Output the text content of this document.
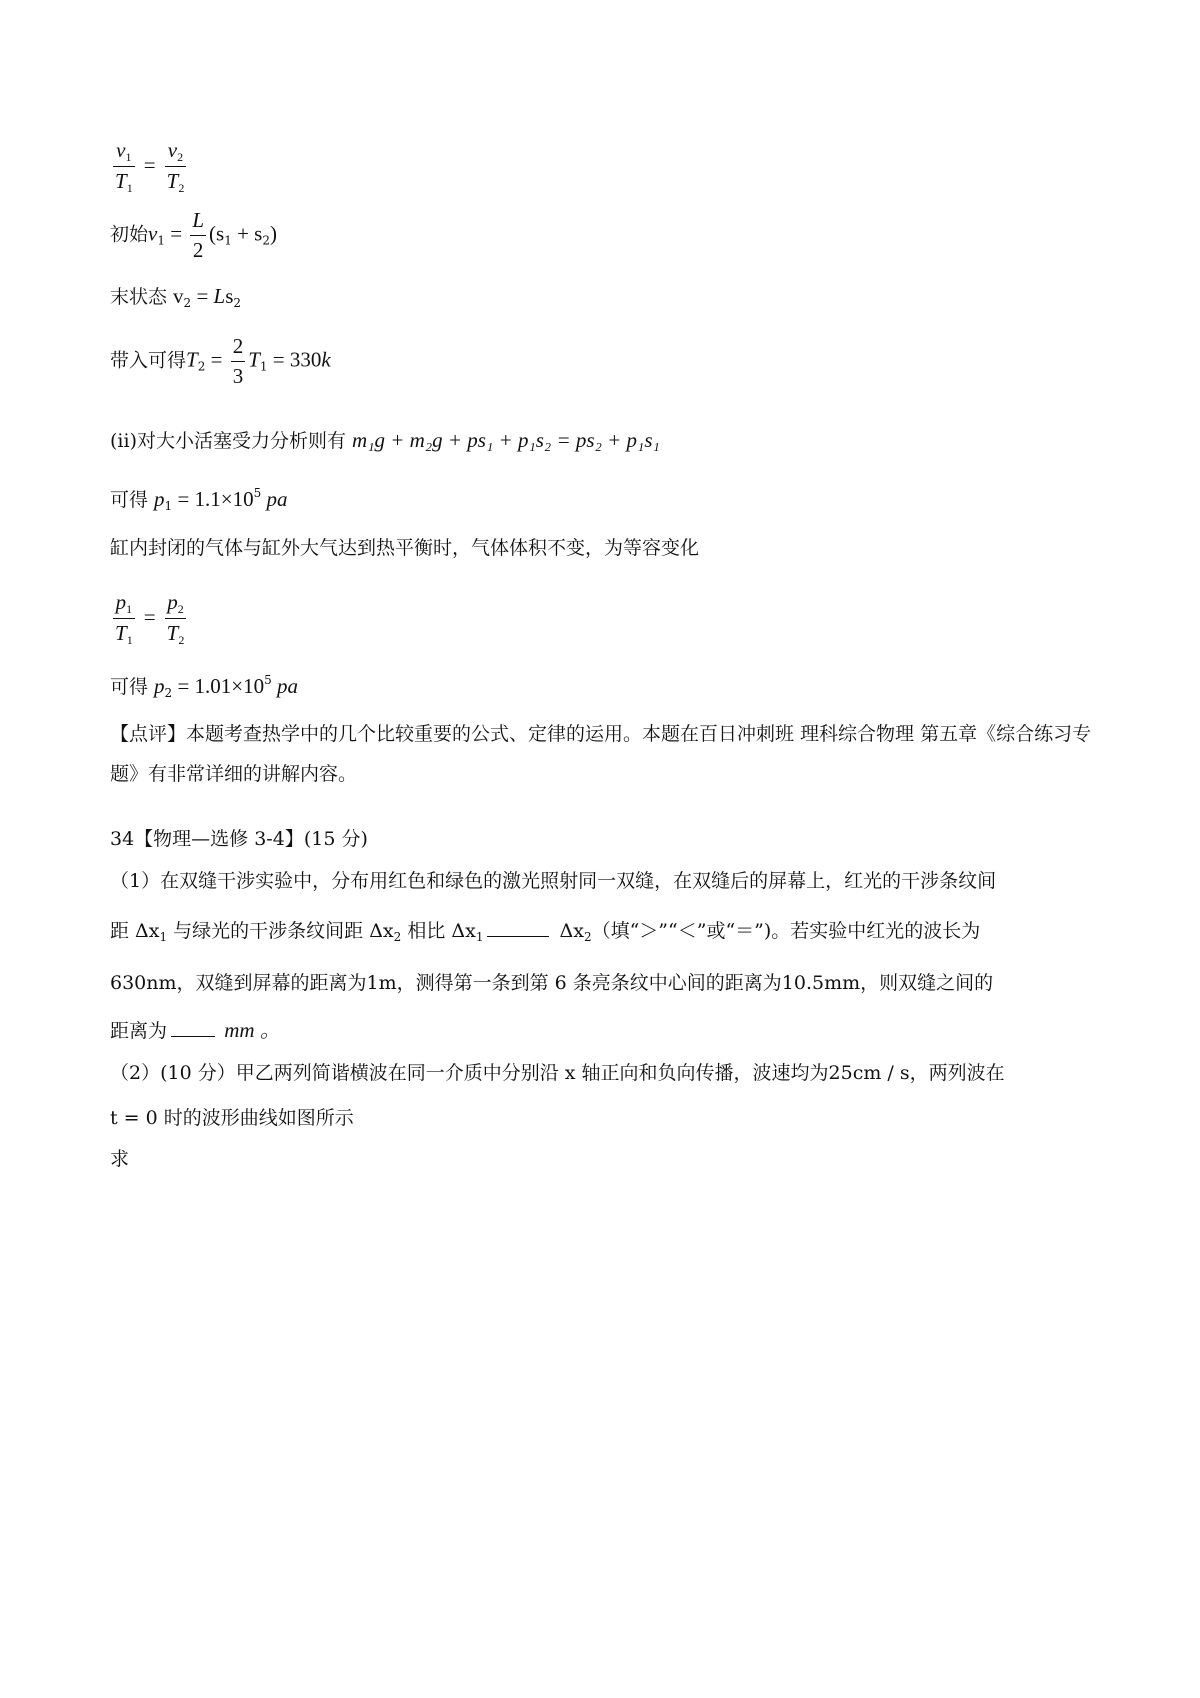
$\frac{v_1}{T_1} = \frac{v_2}{T_2}$
初始$v_1 = \frac{L}{2} (s_1 + s_2)$
末状态 $v_2 = Ls_2$
带入可得$T_2 = \frac{2}{3} T_1 = 330k$
(ii)对大小活塞受力分析则有 m₁g + m₂g + ps₁ + p₁s₂ = ps₂ + p₁s₁
可得 $p_1 = 1.1\times 10^5$ pa
缸内封闭的气体与缸外大气达到热平衡时，气体体积不变，为等容变化
$\frac{p_1}{T_1} = \frac{p_2}{T_2}$
可得 $p_2 = 1.01\times 10^5$ pa
【点评】本题考查热学中的几个比较重要的公式、定律的运用。本题在百日冲刺班 理科综合物理 第五章《综合练习专题》有非常详细的讲解内容。
34【物理—选修 3-4】(15 分)
（1）在双缝干涉实验中，分布用红色和绿色的激光照射同一双缝，在双缝后的屏幕上，红光的干涉条纹间
距 $\Delta x_1$ 与绿光的干涉条纹间距 $\Delta x_2$ 相比 $\Delta x_1$	$\Delta x_2$（填“＞”“＜”或“＝”)。若实验中红光的波长为
630nm，双缝到屏幕的距离为1m，测得第一条到第 6 条亮条纹中心间的距离为10.5mm，则双缝之间的
距离为 mm 。
（2）(10 分）甲乙两列简谐横波在同一介质中分别沿 x 轴正向和负向传播，波速均为25cm / s，两列波在
t = 0 时的波形曲线如图所示
求
